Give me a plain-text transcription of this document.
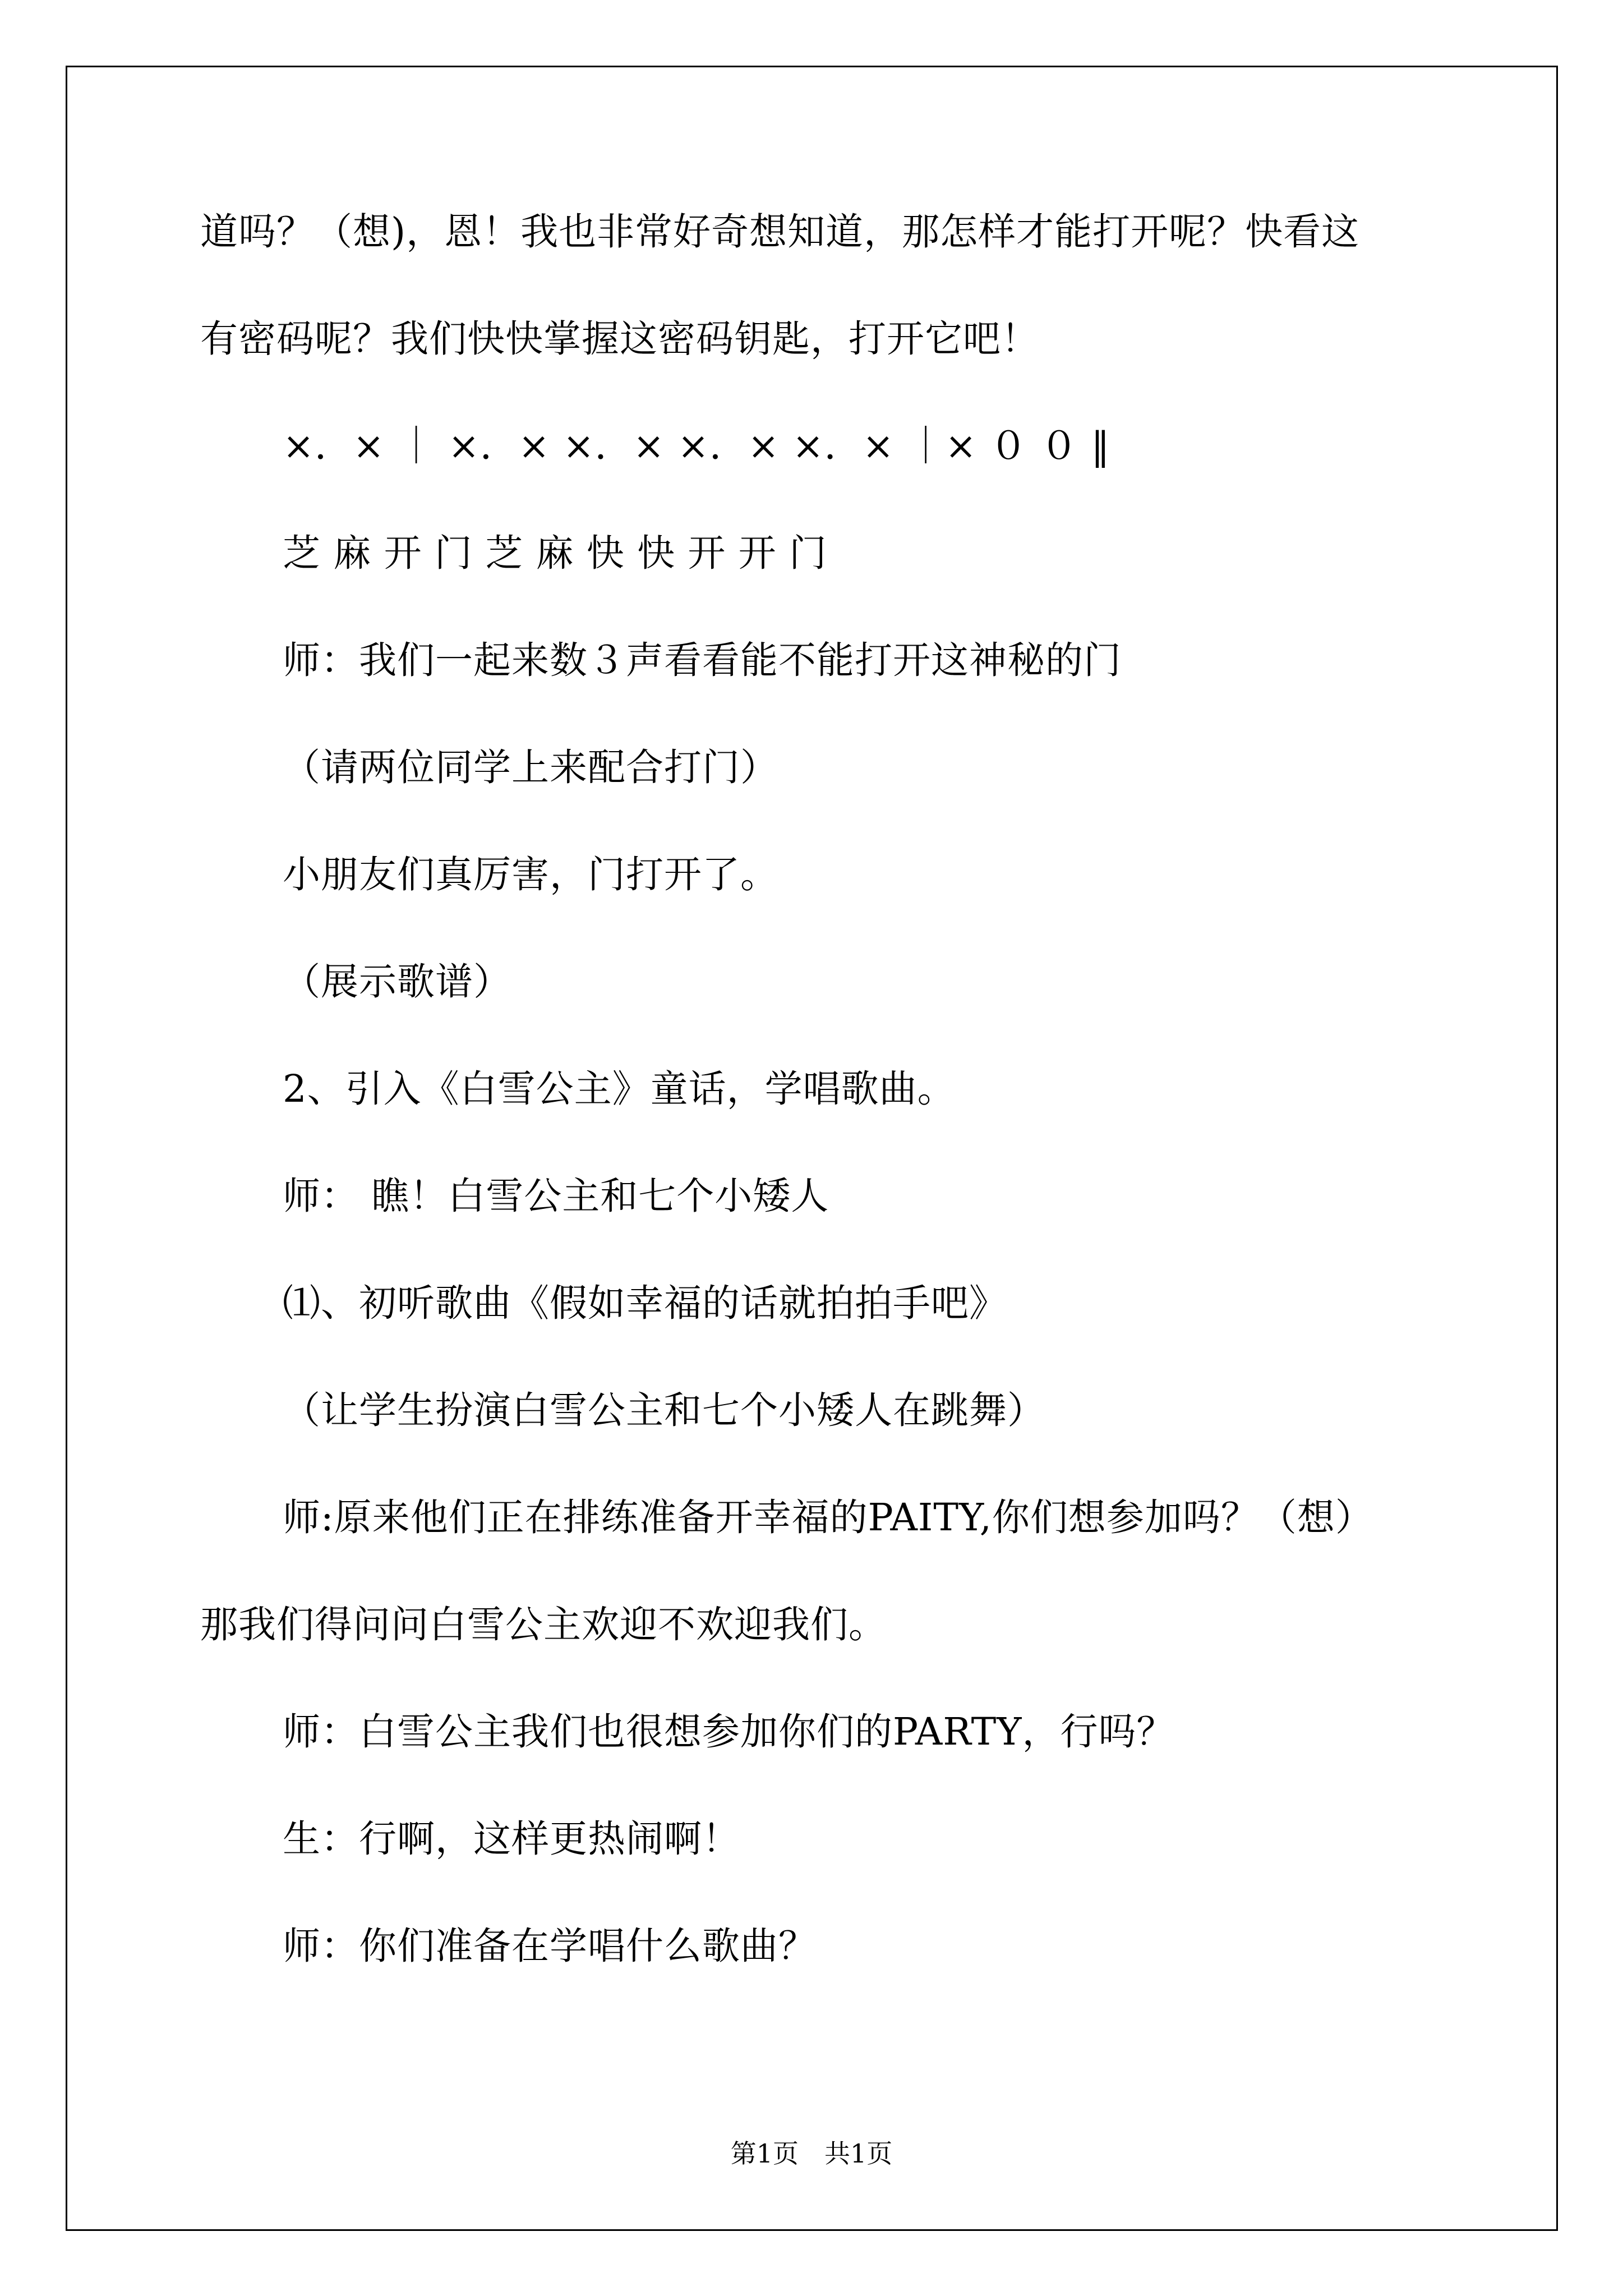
道吗？（想)，恩！我也非常好奇想知道，那怎样才能打开呢？快看这

有密码呢？我们快快掌握这密码钥匙，打开它吧！

×．× ｜ ×．× ×．× ×．× ×．× ｜× ０ ０ ‖

芝 麻 开 门 芝 麻 快 快 开 开 门

师：我们一起来数３声看看能不能打开这神秘的门

（请两位同学上来配合打门）

小朋友们真厉害，门打开了。

（展示歌谱）

2、引入《白雪公主》童话，学唱歌曲。

师： 瞧！白雪公主和七个小矮人

⑴、初听歌曲《假如幸福的话就拍拍手吧》

（让学生扮演白雪公主和七个小矮人在跳舞）

师:原来他们正在排练准备开幸福的PAITY,你们想参加吗？（想）

那我们得问问白雪公主欢迎不欢迎我们。

师：白雪公主我们也很想参加你们的PARTY，行吗？

生：行啊，这样更热闹啊！

师：你们准备在学唱什么歌曲？

第1页　共1页
